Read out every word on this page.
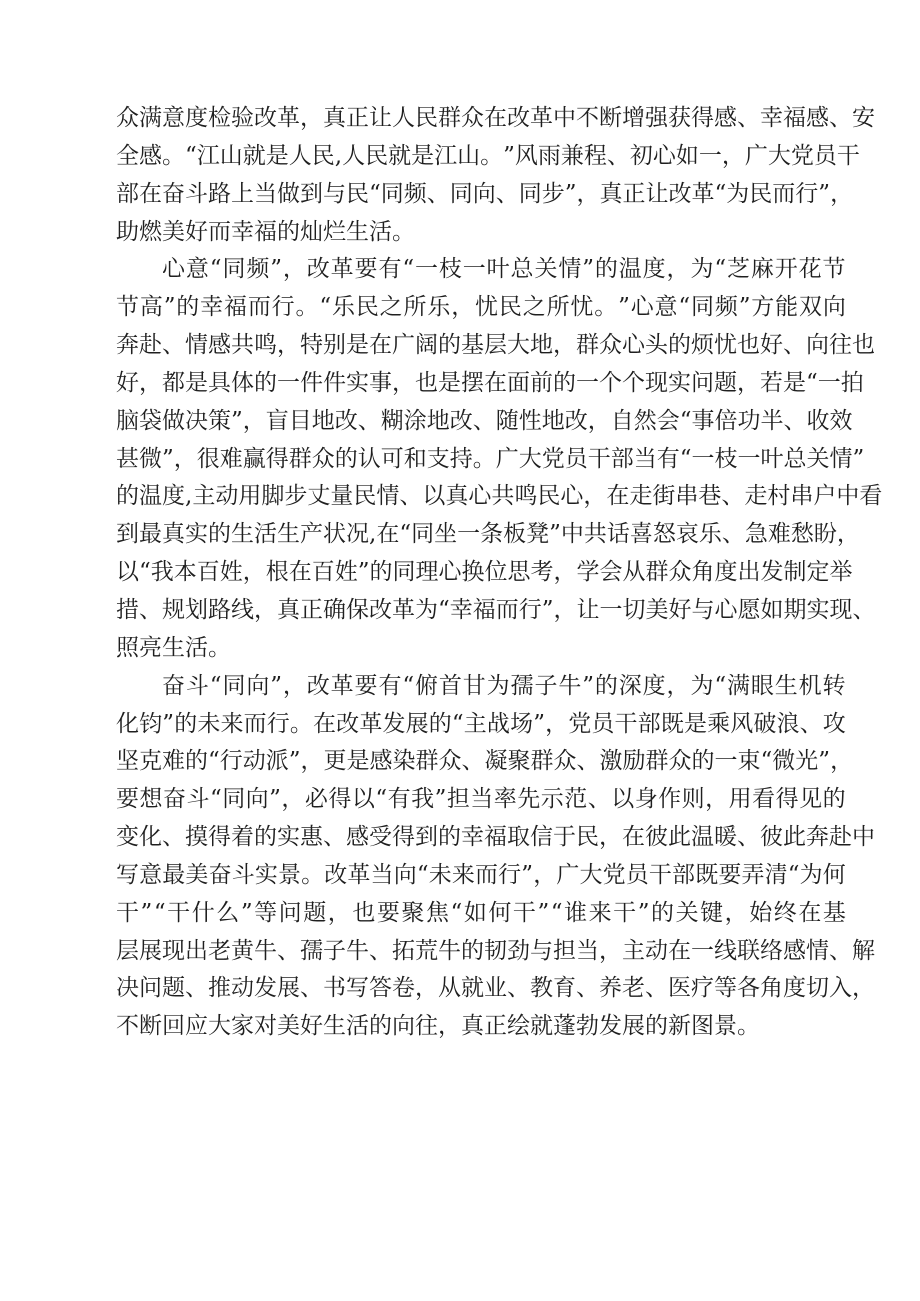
众 满 意 度 检 验 改 革 ， 真 正 让 人 民 群 众 在 改 革 中 不 断 增 强 获 得 感 、 幸 福 感 、 安
全 感 。 “ 江 山 就 是 人 民 , 人 民 就 是 江 山 。 ” 风 雨 兼 程 、 初 心 如 一 ， 广 大 党 员 干
部 在 奋 斗 路 上 当 做 到 与 民 “ 同 频 、 同 向 、 同 步 ” ， 真 正 让 改 革 “ 为 民 而 行 ” ，
助燃美好而幸福的灿烂生活。
心 意 “ 同 频 ” ， 改 革 要 有 “ 一 枝 一 叶 总 关 情 ” 的 温 度 ， 为 “ 芝 麻 开 花 节
节 高 ” 的 幸 福 而 行 。 “ 乐 民 之 所 乐 ， 忧 民 之 所 忧 。 ” 心 意 “ 同 频 ” 方 能 双 向
奔 赴 、 情 感 共 鸣 ， 特 别 是 在 广 阔 的 基 层 大 地 ， 群 众 心 头 的 烦 忧 也 好 、 向 往 也
好 ， 都 是 具 体 的 一 件 件 实 事 ， 也 是 摆 在 面 前 的 一 个 个 现 实 问 题 ， 若 是 “ 一 拍
脑 袋 做 决 策 ” ， 盲 目 地 改 、 糊 涂 地 改 、 随 性 地 改 ， 自 然 会 “ 事 倍 功 半 、 收 效
甚 微 ” ， 很 难 赢 得 群 众 的 认 可 和 支 持 。 广 大 党 员 干 部 当 有 “ 一 枝 一 叶 总 关 情 ”
的 温 度 , 主 动 用 脚 步 丈 量 民 情 、 以 真 心 共 鸣 民 心 ， 在 走 街 串 巷 、 走 村 串 户 中 看
到 最 真 实 的 生 活 生 产 状 况 , 在 “ 同 坐 一 条 板 凳 ” 中 共 话 喜 怒 哀 乐 、 急 难 愁 盼 ，
以 “ 我 本 百 姓 ， 根 在 百 姓 ” 的 同 理 心 换 位 思 考 ， 学 会 从 群 众 角 度 出 发 制 定 举
措 、 规 划 路 线 ， 真 正 确 保 改 革 为 “ 幸 福 而 行 ” ， 让 一 切 美 好 与 心 愿 如 期 实 现 、
照亮生活。
奋 斗 “ 同 向 ” ， 改 革 要 有 “ 俯 首 甘 为 孺 子 牛 ” 的 深 度 ， 为 “ 满 眼 生 机 转
化 钧 ” 的 未 来 而 行 。 在 改 革 发 展 的 “ 主 战 场 ” ， 党 员 干 部 既 是 乘 风 破 浪 、 攻
坚 克 难 的 “ 行 动 派 ” ， 更 是 感 染 群 众 、 凝 聚 群 众 、 激 励 群 众 的 一 束 “ 微 光 ” ，
要 想 奋 斗 “ 同 向 ” ， 必 得 以 “ 有 我 ” 担 当 率 先 示 范 、 以 身 作 则 ， 用 看 得 见 的
变 化 、 摸 得 着 的 实 惠 、 感 受 得 到 的 幸 福 取 信 于 民 ， 在 彼 此 温 暖 、 彼 此 奔 赴 中
写 意 最 美 奋 斗 实 景 。 改 革 当 向 “ 未 来 而 行 ” ， 广 大 党 员 干 部 既 要 弄 清 “ 为 何
干 ” “ 干 什 么 ” 等 问 题 ， 也 要 聚 焦 “ 如 何 干 ” “ 谁 来 干 ” 的 关 键 ， 始 终 在 基
层 展 现 出 老 黄 牛 、 孺 子 牛 、 拓 荒 牛 的 韧 劲 与 担 当 ， 主 动 在 一 线 联 络 感 情 、 解
决 问 题 、 推 动 发 展 、 书 写 答 卷 ， 从 就 业 、 教 育 、 养 老 、 医 疗 等 各 角 度 切 入 ，
不断回应大家对美好生活的向往，真正绘就蓬勃发展的新图景。
